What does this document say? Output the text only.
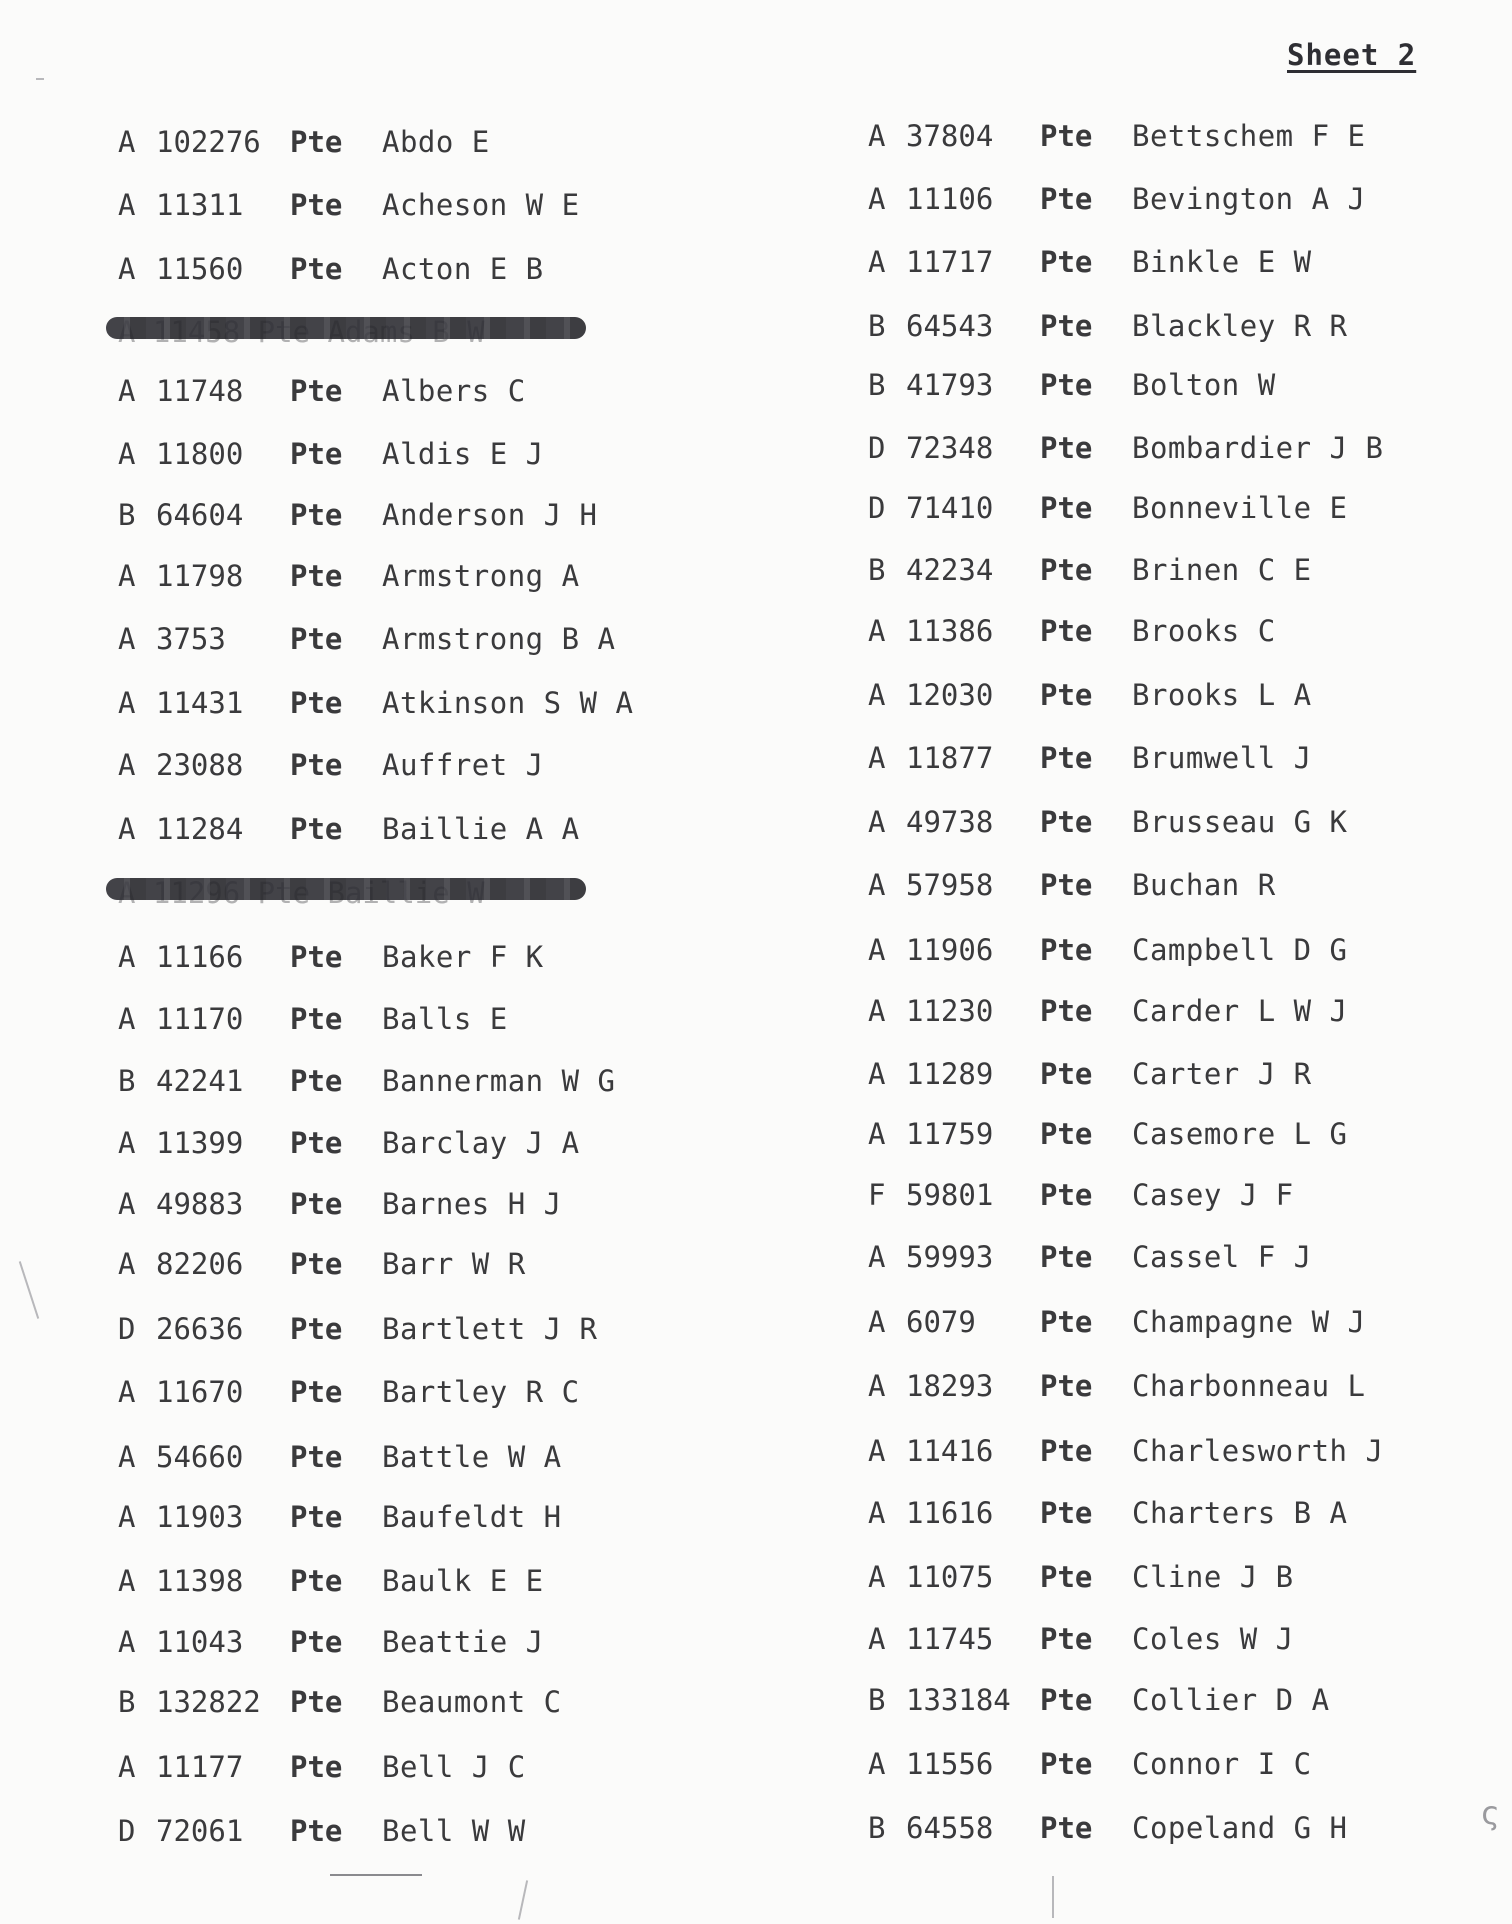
Sheet 2
A 102276 Pte Abdo E
A 11311 Pte Acheson W E
A 11560 Pte Acton E B
A 11748 Pte Albers C
A 11800 Pte Aldis E J
B 64604 Pte Anderson J H
A 11798 Pte Armstrong A
A 3753 Pte Armstrong B A
A 11431 Pte Atkinson S W A
A 23088 Pte Auffret J
A 11284 Pte Baillie A A
A 11166 Pte Baker F K
A 11170 Pte Balls E
B 42241 Pte Bannerman W G
A 11399 Pte Barclay J A
A 49883 Pte Barnes H J
A 82206 Pte Barr W R
D 26636 Pte Bartlett J R
A 11670 Pte Bartley R C
A 54660 Pte Battle W A
A 11903 Pte Baufeldt H
A 11398 Pte Baulk E E
A 11043 Pte Beattie J
B 132822 Pte Beaumont C
A 11177 Pte Bell J C
D 72061 Pte Bell W W
A 37804 Pte Bettschem F E
A 11106 Pte Bevington A J
A 11717 Pte Binkle E W
B 64543 Pte Blackley R R
B 41793 Pte Bolton W
D 72348 Pte Bombardier J B
D 71410 Pte Bonneville E
B 42234 Pte Brinen C E
A 11386 Pte Brooks C
A 12030 Pte Brooks L A
A 11877 Pte Brumwell J
A 49738 Pte Brusseau G K
A 57958 Pte Buchan R
A 11906 Pte Campbell D G
A 11230 Pte Carder L W J
A 11289 Pte Carter J R
A 11759 Pte Casemore L G
F 59801 Pte Casey J F
A 59993 Pte Cassel F J
A 6079 Pte Champagne W J
A 18293 Pte Charbonneau L
A 11416 Pte Charlesworth J
A 11616 Pte Charters B A
A 11075 Pte Cline J B
A 11745 Pte Coles W J
B 133184 Pte Collier D A
A 11556 Pte Connor I C
B 64558 Pte Copeland G H	ς
